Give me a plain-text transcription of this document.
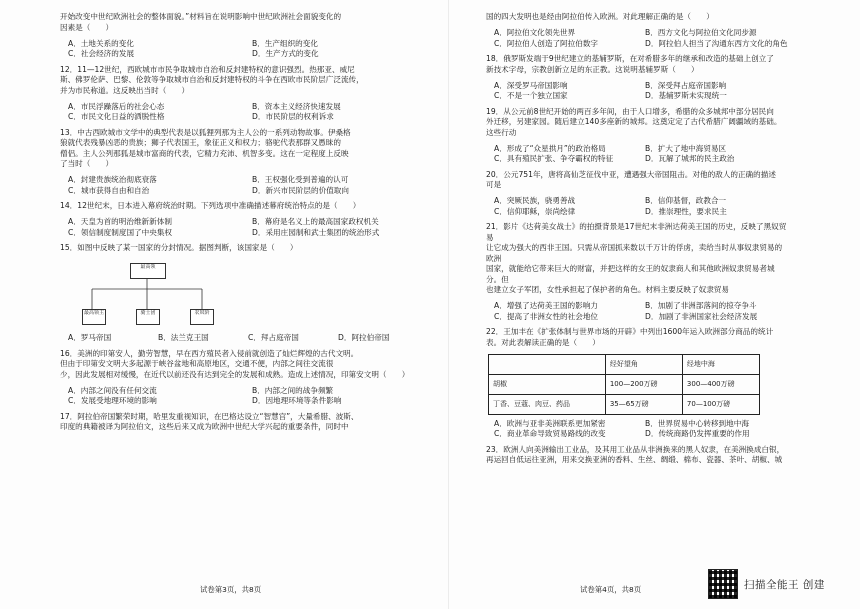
开始改变中世纪欧洲社会的整体面貌。”材料旨在说明影响中世纪欧洲社会面貌变化的
因素是（　　）
A．土地关系的变化	B．生产组织的变化
C．社会经济的发展	D．生产方式的变化
12．11—12世纪，西欧城市市民争取城市自治和反封建特权的意识强烈。热那亚、威尼
斯、佛罗伦萨、巴黎、伦敦等争取城市自治和反封建特权的斗争在西欧市民阶层广泛流传，
并为市民称道。这反映出当时（　　）
A．市民浮躁落后的社会心态	B．资本主义经济快速发展
C．市民文化日益的洒脱性格	D．市民阶层的权利诉求
13．中古西欧城市文学中的典型代表是以狐狸列那为主人公的一系列动物故事。伊桑格
狼就代表残暴凶恶的贵族；狮子代表国王，象征正义和权力；骆驼代表那群又愚昧的
僧侣。主人公列那狐是城市富商的代表，它精力充沛、机智多变。这在一定程度上反映
了当时（　　）
A．封建贵族统治彻底衰落	B．王权强化受到普遍的认可
C．城市获得自由和自治	D．新兴市民阶层的价值取向
14．12世纪末，日本进入幕府统治时期。下列选项中准确描述幕府统治特点的是（　　）
A．天皇为首的明治维新新体制	B．幕府是名义上的最高国家政权机关
C．领信制度制度国了中央集权	D．采用庄园制和武士集团的统治形式
15．如图中反映了某一国家的分封情况。据图判断，该国家是（　　）
最高领
最高领主	骑士团	农奴阶
A．罗马帝国	B．法兰克王国	C．拜占庭帝国	D．阿拉伯帝国
16．美洲的印第安人，勤劳智慧，早在西方殖民者入侵前就创造了灿烂辉煌的古代文明。
但由于印第安文明大多起源于峡谷盆地和高原地区，交通不便，内部之间往交流很
少，因此发展相对缓慢，在近代以前还没有达到完全的发展和成熟。造成上述情况，印第安文明（　　）
A．内部之间没有任何交流	B．内部之间的战争频繁
C．发展受地理环境的影响	D．因地理环境等条件影响
17．阿拉伯帝国繁荣时期，哈里发重视知识，在巴格达设立“智慧宫”，大量希腊、波斯、
印度的典籍被译为阿拉伯文，这些后来又成为欧洲中世纪大学兴起的重要条件，同时中
试卷第3页，共8页
国的四大发明也是经由阿拉伯传入欧洲。对此理解正确的是（　　）
A．阿拉伯文化领先世界	B．西方文化与阿拉伯文化同步源
C．阿拉伯人创造了阿拉伯数字	D．阿拉伯人担当了沟通东西方文化的角色
18．俄罗斯发端于9世纪建立的基辅罗斯，在对希腊多年的继承和改造的基础上创立了
新技术字母，宗教创新立足的东正教。这说明基辅罗斯（　　）
A．深受罗马帝国影响	B．深受拜占庭帝国影响
C．不是一个独立国家	D．基辅罗斯未实现统一
19．从公元前8世纪开始的两百多年间，由于人口增多，希腊的众多城邦中部分居民向
外迁移，另建家园。随后建立140多座新的城邦。这奠定定了古代希腊广阔疆域的基础。
这些行动
A．形成了“众星拱月”的政治格局	B．扩大了地中海贸易区
C．具有殖民扩张、争夺霸权的特征	D．瓦解了城邦的民主政治
20．公元751年，唐将高仙芝征伐中亚，遭遇强大帝国阻击。对他的敌人的正确的描述
可是
A．突厥民族，骁勇善战	B．信仰基督，政教合一
C．信仰耶稣，崇尚绘律	D．推崇理性，要求民主
21．影片《达荷美女战士》的拍摄背景是17世纪末非洲达荷美王国的历史，反映了黑奴贸易
让它成为强大的西非王国。只需从帝国抓来数以千万计的俘虏，卖给当时从事奴隶贸易的欧洲
国家，就能给它带来巨大的财富，并把这样的女王的奴隶商人和其他欧洲奴隶贸易者城分。但
也建立女子军团，女性承担起了保护者的角色。材料主要反映了奴隶贸易
A．增强了达荷美王国的影响力	B．加剧了非洲部落间的掠夺争斗
C．提高了非洲女性的社会地位	D．加剧了非洲国家社会经济发展
22．王加丰在《扩张体制与世界市场的开辟》中列出1600年运入欧洲部分商品的统计
表。对此表解读正确的是（　　）
	经好望角	经地中海
胡椒	100—200万磅	300—400万磅
丁香、豆蔻、肉豆、药品	35—65万磅	70—100万磅
A．欧洲与亚非美洲联系更加紧密	B．世界贸易中心转移到地中海
C．商业革命导致贸易路线的改变	D．传统商路仍发挥重要的作用
23．欧洲人向美洲输出工业品，及其用工业品从非洲换来的黑人奴隶，在美洲换成白银，
再运回自低运往亚洲，用来交换亚洲的香料、生丝、绸缎、棉布、瓷器、茶叶、胡椒、城
试卷第4页，共8页	扫描全能王 创建
